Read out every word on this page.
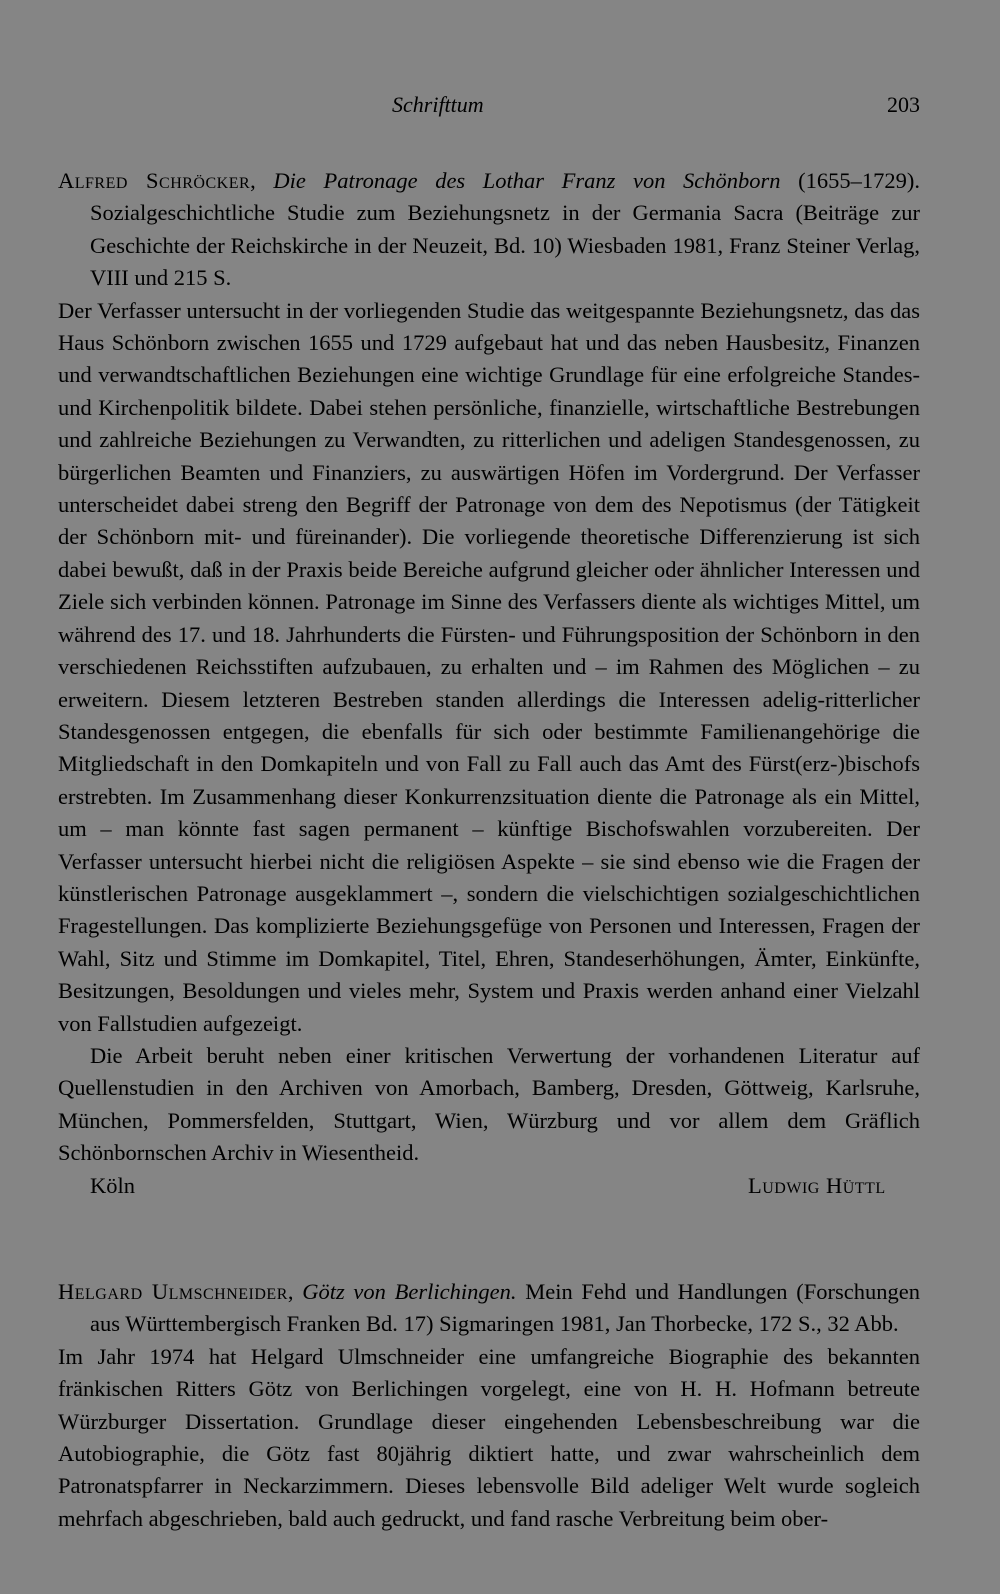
Schrifttum	203

Alfred Schröcker, Die Patronage des Lothar Franz von Schönborn (1655–1729). Sozialgeschichtliche Studie zum Beziehungsnetz in der Germania Sacra (Beiträge zur Geschichte der Reichskirche in der Neuzeit, Bd. 10) Wiesbaden 1981, Franz Steiner Verlag, VIII und 215 S.

Der Verfasser untersucht in der vorliegenden Studie das weitgespannte Beziehungsnetz, das das Haus Schönborn zwischen 1655 und 1729 aufgebaut hat und das neben Hausbesitz, Finanzen und verwandtschaftlichen Beziehungen eine wichtige Grundlage für eine erfolgreiche Standes- und Kirchenpolitik bildete. Dabei stehen persönliche, finanzielle, wirtschaftliche Bestrebungen und zahlreiche Beziehungen zu Verwandten, zu ritterlichen und adeligen Standesgenossen, zu bürgerlichen Beamten und Finanziers, zu auswärtigen Höfen im Vordergrund. Der Verfasser unterscheidet dabei streng den Begriff der Patronage von dem des Nepotismus (der Tätigkeit der Schönborn mit- und füreinander). Die vorliegende theoretische Differenzierung ist sich dabei bewußt, daß in der Praxis beide Bereiche aufgrund gleicher oder ähnlicher Interessen und Ziele sich verbinden können. Patronage im Sinne des Verfassers diente als wichtiges Mittel, um während des 17. und 18. Jahrhunderts die Fürsten- und Führungsposition der Schönborn in den verschiedenen Reichsstiften aufzubauen, zu erhalten und – im Rahmen des Möglichen – zu erweitern. Diesem letzteren Bestreben standen allerdings die Interessen adelig-ritterlicher Standesgenossen entgegen, die ebenfalls für sich oder bestimmte Familienangehörige die Mitgliedschaft in den Domkapiteln und von Fall zu Fall auch das Amt des Fürst(erz-)bischofs erstrebten. Im Zusammenhang dieser Konkurrenzsituation diente die Patronage als ein Mittel, um – man könnte fast sagen permanent – künftige Bischofswahlen vorzubereiten. Der Verfasser untersucht hierbei nicht die religiösen Aspekte – sie sind ebenso wie die Fragen der künstlerischen Patronage ausgeklammert –, sondern die vielschichtigen sozialgeschichtlichen Fragestellungen. Das komplizierte Beziehungsgefüge von Personen und Interessen, Fragen der Wahl, Sitz und Stimme im Domkapitel, Titel, Ehren, Standeserhöhungen, Ämter, Einkünfte, Besitzungen, Besoldungen und vieles mehr, System und Praxis werden anhand einer Vielzahl von Fallstudien aufgezeigt.

Die Arbeit beruht neben einer kritischen Verwertung der vorhandenen Literatur auf Quellenstudien in den Archiven von Amorbach, Bamberg, Dresden, Göttweig, Karlsruhe, München, Pommersfelden, Stuttgart, Wien, Würzburg und vor allem dem Gräflich Schönbornschen Archiv in Wiesentheid.

Köln	Ludwig Hüttl

Helgard Ulmschneider, Götz von Berlichingen. Mein Fehd und Handlungen (Forschungen aus Württembergisch Franken Bd. 17) Sigmaringen 1981, Jan Thorbecke, 172 S., 32 Abb.

Im Jahr 1974 hat Helgard Ulmschneider eine umfangreiche Biographie des bekannten fränkischen Ritters Götz von Berlichingen vorgelegt, eine von H. H. Hofmann betreute Würzburger Dissertation. Grundlage dieser eingehenden Lebensbeschreibung war die Autobiographie, die Götz fast 80jährig diktiert hatte, und zwar wahrscheinlich dem Patronatspfarrer in Neckarzimmern. Dieses lebensvolle Bild adeliger Welt wurde sogleich mehrfach abgeschrieben, bald auch gedruckt, und fand rasche Verbreitung beim ober-
